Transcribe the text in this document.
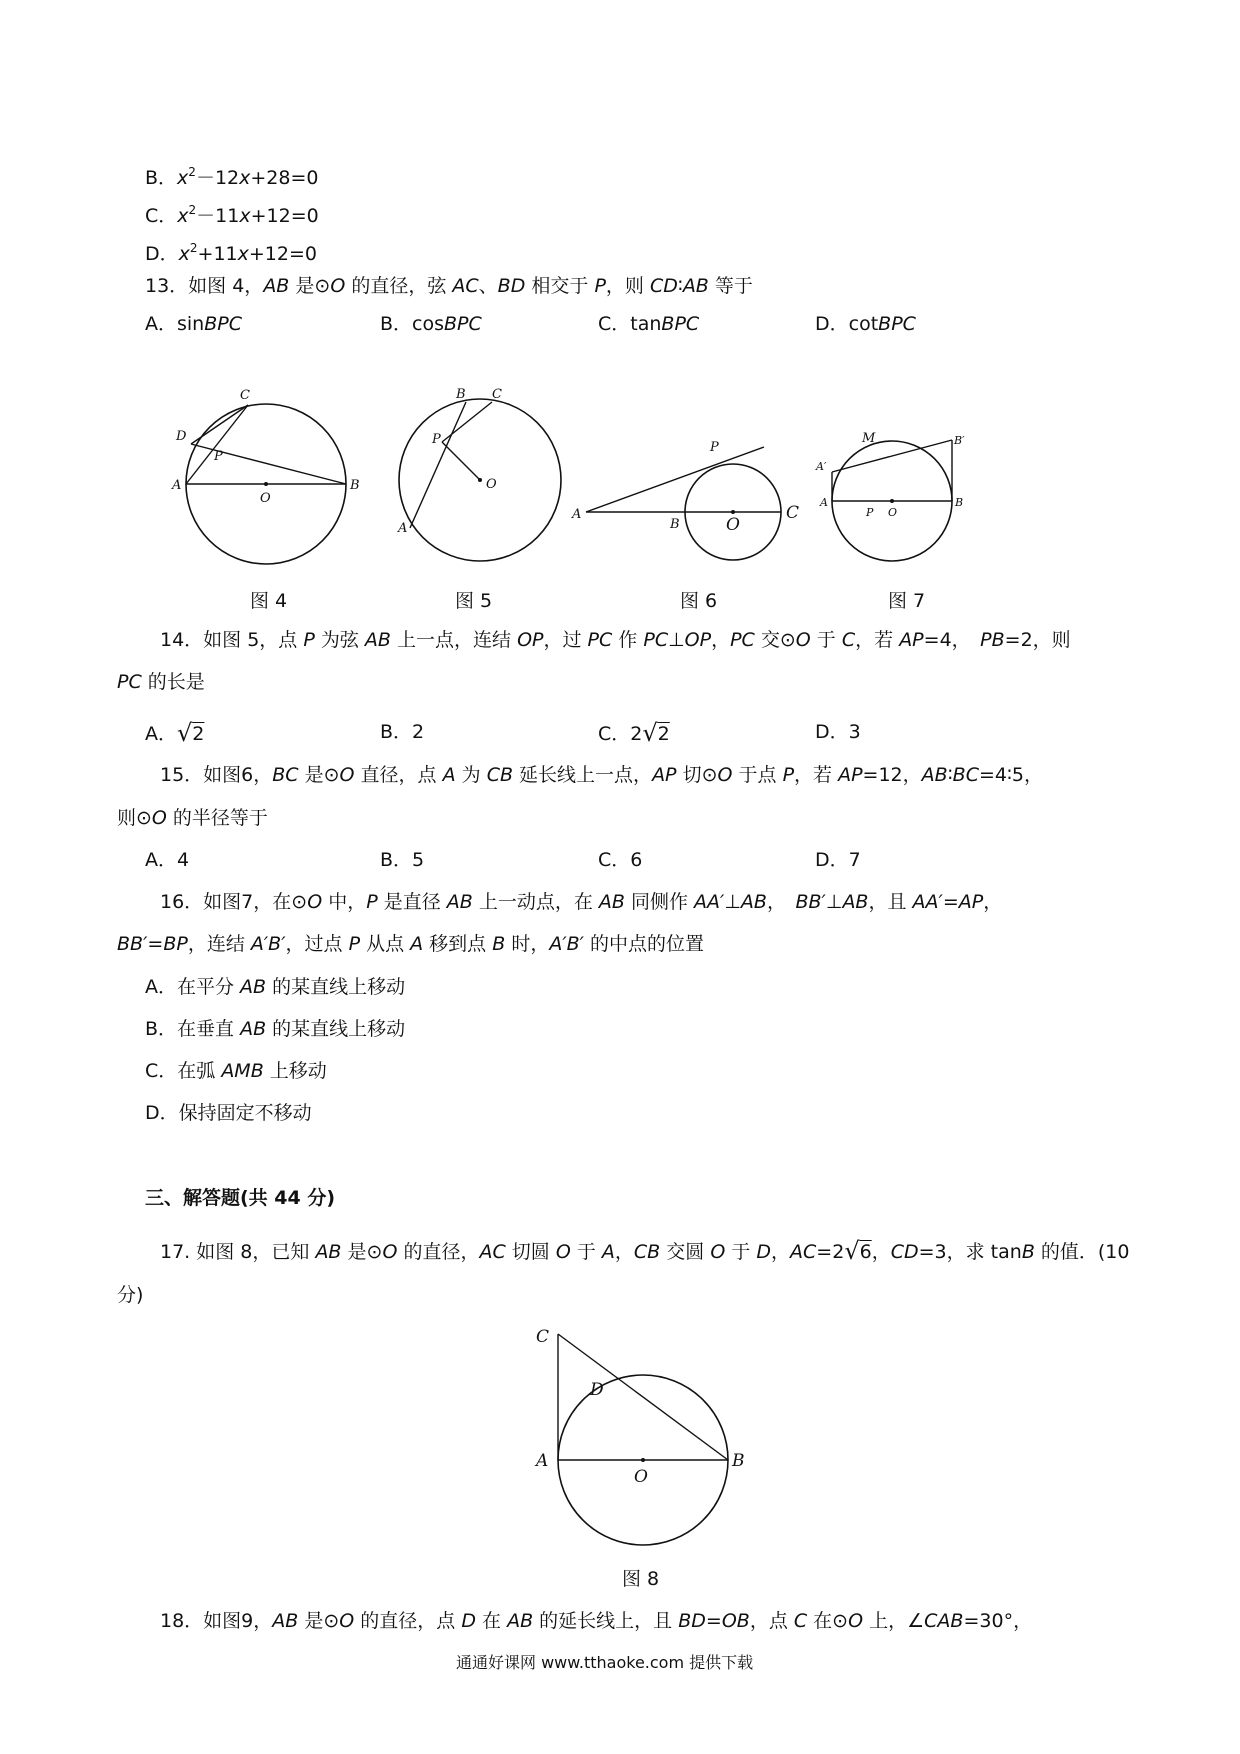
B．$x^2-12x+28=0$
C．$x^2-11x+12=0$
D．$x^2+11x+12=0$
13．如图 4，AB 是⊙O 的直径，弦 AC、BD 相交于 P，则 CD∶AB 等于
A．sinBPC	B．cosBPC	C．tanBPC	D．cotBPC
C
D
P
A
O
B
图 4
B C
P
O
A
图 5
P
A
B	O
C
图 6
M	B′
A′
A
P O
B
图 7
14．如图 5，点 P 为弦 AB 上一点，连结 OP，过 PC 作 PC⊥OP，PC 交⊙O 于 C，若 AP=4，　PB=2，则
PC 的长是
A．√2	B．2	C．2√2	D．3
15．如图6，BC 是⊙O 直径，点 A 为 CB 延长线上一点，AP 切⊙O 于点 P，若 AP=12，AB∶BC=4∶5，
则⊙O 的半径等于
A．4	B．5	C．6	D．7
16．如图7，在⊙O 中，P 是直径 AB 上一动点，在 AB 同侧作 AA′⊥AB，　BB′⊥AB，且 AA′=AP，
BB′=BP，连结 A′B′，过点 P 从点 A 移到点 B 时，A′B′ 的中点的位置
A．在平分 AB 的某直线上移动
B．在垂直 AB 的某直线上移动
C．在弧 AMB 上移动
D．保持固定不移动
三、解答题(共 44 分)
17. 如图 8，已知 AB 是⊙O 的直径，AC 切圆 O 于 A，CB 交圆 O 于 D，AC=2√6，CD=3，求 tanB 的值．(10
分)
C
D
A
O
B
图 8
18．如图9，AB 是⊙O 的直径，点 D 在 AB 的延长线上，且 BD=OB，点 C 在⊙O 上，∠CAB=30°，
通通好课网 www.tthaoke.com 提供下载
